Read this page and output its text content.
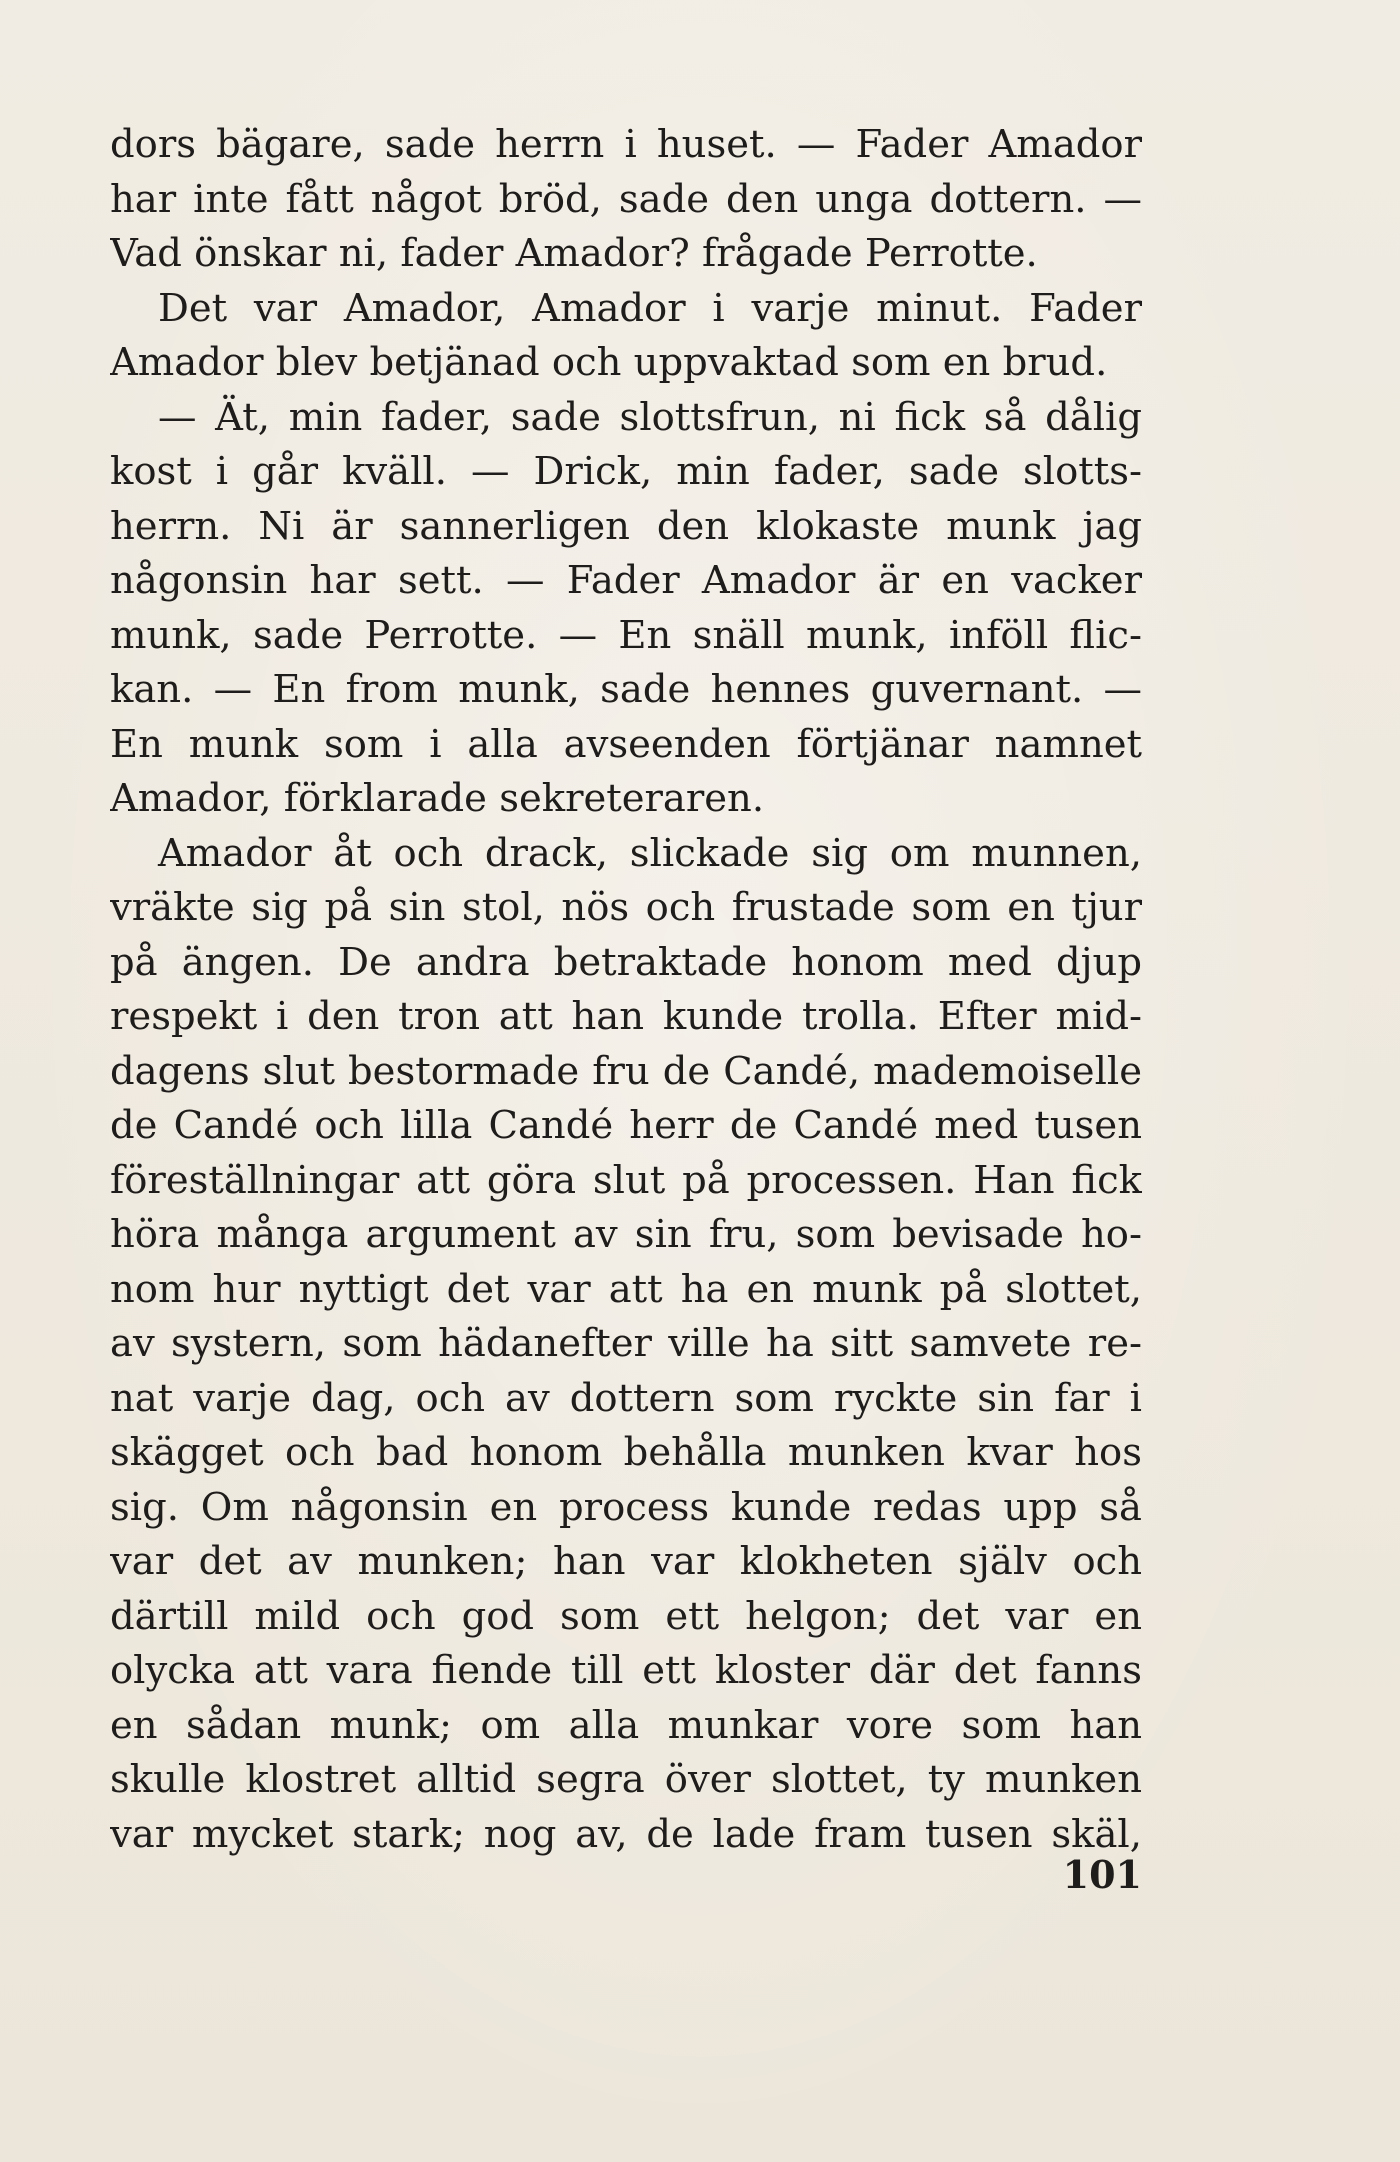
dors bägare, sade herrn i huset. — Fader Amador
har inte fått något bröd, sade den unga dottern. —
Vad önskar ni, fader Amador? frågade Perrotte.
Det var Amador, Amador i varje minut. Fader
Amador blev betjänad och uppvaktad som en brud.
— Ät, min fader, sade slottsfrun, ni fick så dålig
kost i går kväll. — Drick, min fader, sade slotts-
herrn. Ni är sannerligen den klokaste munk jag
någonsin har sett. — Fader Amador är en vacker
munk, sade Perrotte. — En snäll munk, inföll flic-
kan. — En from munk, sade hennes guvernant. —
En munk som i alla avseenden förtjänar namnet
Amador, förklarade sekreteraren.
Amador åt och drack, slickade sig om munnen,
vräkte sig på sin stol, nös och frustade som en tjur
på ängen. De andra betraktade honom med djup
respekt i den tron att han kunde trolla. Efter mid-
dagens slut bestormade fru de Candé, mademoiselle
de Candé och lilla Candé herr de Candé med tusen
föreställningar att göra slut på processen. Han fick
höra många argument av sin fru, som bevisade ho-
nom hur nyttigt det var att ha en munk på slottet,
av systern, som hädanefter ville ha sitt samvete re-
nat varje dag, och av dottern som ryckte sin far i
skägget och bad honom behålla munken kvar hos
sig. Om någonsin en process kunde redas upp så
var det av munken; han var klokheten själv och
därtill mild och god som ett helgon; det var en
olycka att vara fiende till ett kloster där det fanns
en sådan munk; om alla munkar vore som han
skulle klostret alltid segra över slottet, ty munken
var mycket stark; nog av, de lade fram tusen skäl,
101
